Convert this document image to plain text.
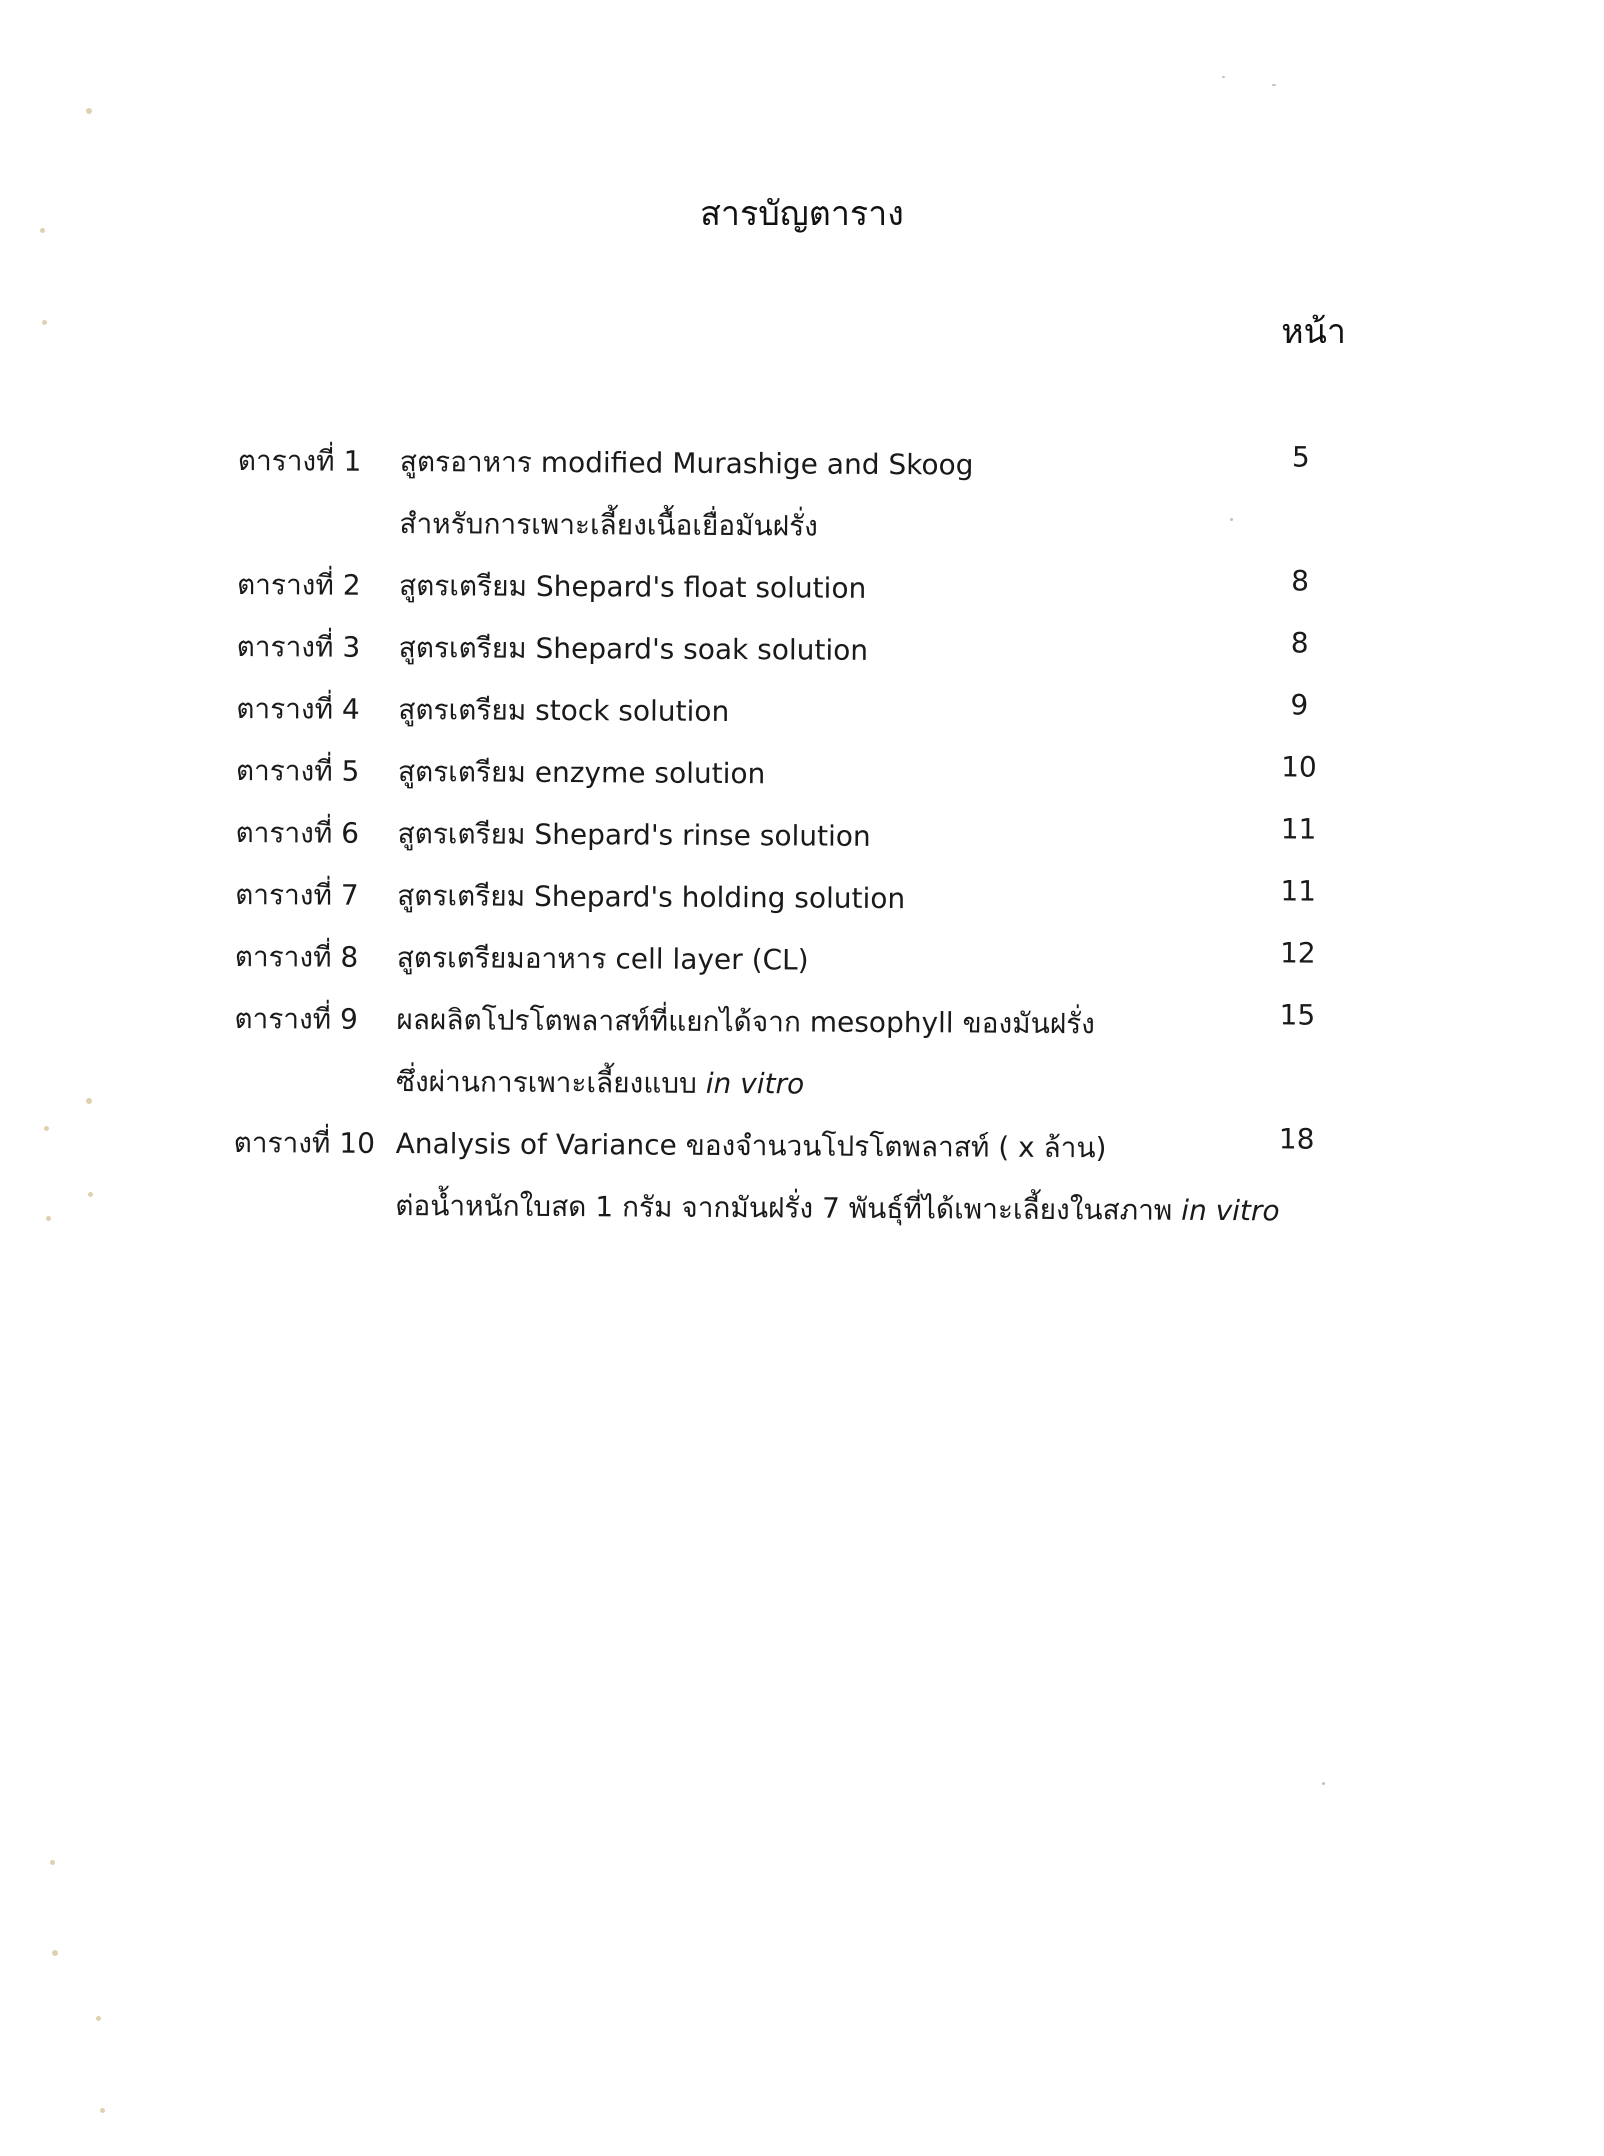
สารบัญตาราง
หน้า
ตารางที่ 1 สูตรอาหาร modified Murashige and Skoog	5
สำหรับการเพาะเลี้ยงเนื้อเยื่อมันฝรั่ง
ตารางที่ 2 สูตรเตรียม Shepard's float solution	8
ตารางที่ 3 สูตรเตรียม Shepard's soak solution	8
ตารางที่ 4 สูตรเตรียม stock solution	9
ตารางที่ 5 สูตรเตรียม enzyme solution	10
ตารางที่ 6 สูตรเตรียม Shepard's rinse solution	11
ตารางที่ 7 สูตรเตรียม Shepard's holding solution	11
ตารางที่ 8 สูตรเตรียมอาหาร cell layer (CL)	12
ตารางที่ 9 ผลผลิตโปรโตพลาสท์ที่แยกได้จาก mesophyll ของมันฝรั่ง	15
ซึ่งผ่านการเพาะเลี้ยงแบบ in vitro
ตารางที่ 10 Analysis of Variance ของจำนวนโปรโตพลาสท์ ( x ล้าน)	18
ต่อน้ำหนักใบสด 1 กรัม จากมันฝรั่ง 7 พันธุ์ที่ได้เพาะเลี้ยงในสภาพ in vitro
